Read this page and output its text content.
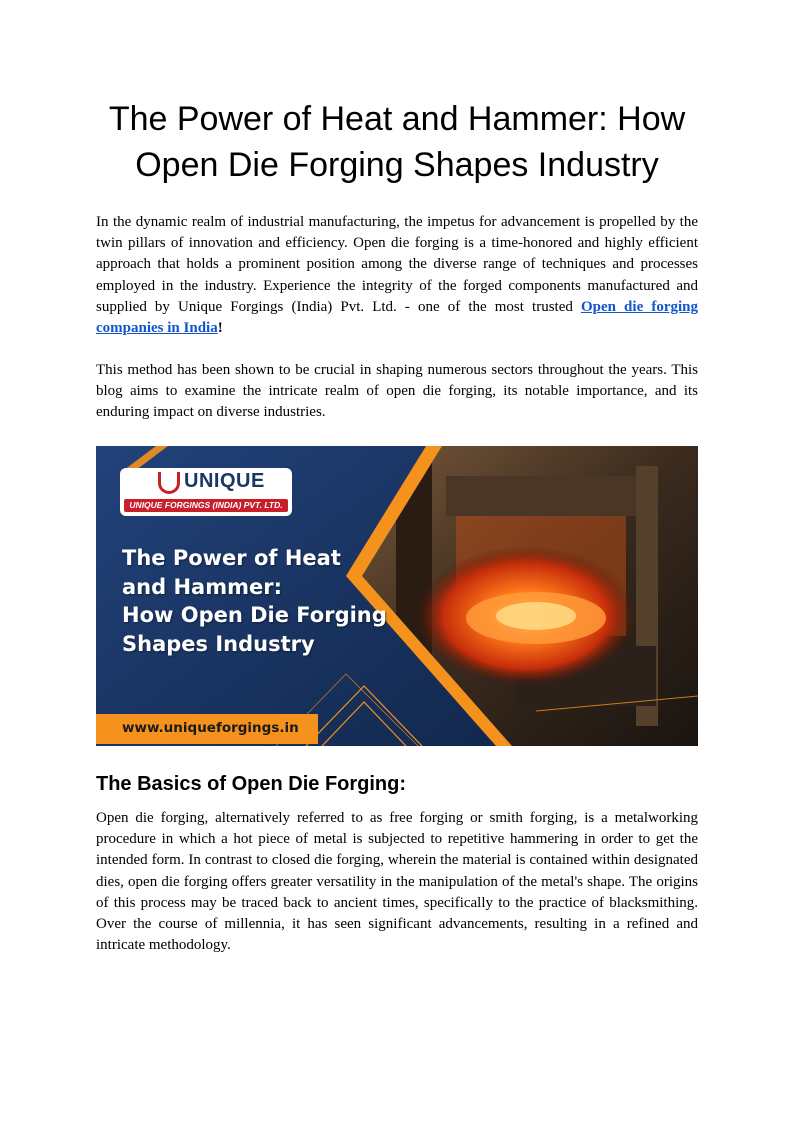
The Power of Heat and Hammer: How
Open Die Forging Shapes Industry

In the dynamic realm of industrial manufacturing, the impetus for advancement is propelled by the twin pillars of innovation and efficiency. Open die forging is a time-honored and highly efficient approach that holds a prominent position among the diverse range of techniques and processes employed in the industry. Experience the integrity of the forged components manufactured and supplied by Unique Forgings (India) Pvt. Ltd. - one of the most trusted Open die forging companies in India!

This method has been shown to be crucial in shaping numerous sectors throughout the years. This blog aims to examine the intricate realm of open die forging, its notable importance, and its enduring impact on diverse industries.

UNIQUE
UNIQUE FORGINGS (INDIA) PVT. LTD.
The Power of Heat
and Hammer:
How Open Die Forging
Shapes Industry
www.uniqueforgings.in
The Basics of Open Die Forging:

Open die forging, alternatively referred to as free forging or smith forging, is a metalworking procedure in which a hot piece of metal is subjected to repetitive hammering in order to get the intended form. In contrast to closed die forging, wherein the material is contained within designated dies, open die forging offers greater versatility in the manipulation of the metal's shape. The origins of this process may be traced back to ancient times, specifically to the practice of blacksmithing. Over the course of millennia, it has seen significant advancements, resulting in a refined and intricate methodology.
